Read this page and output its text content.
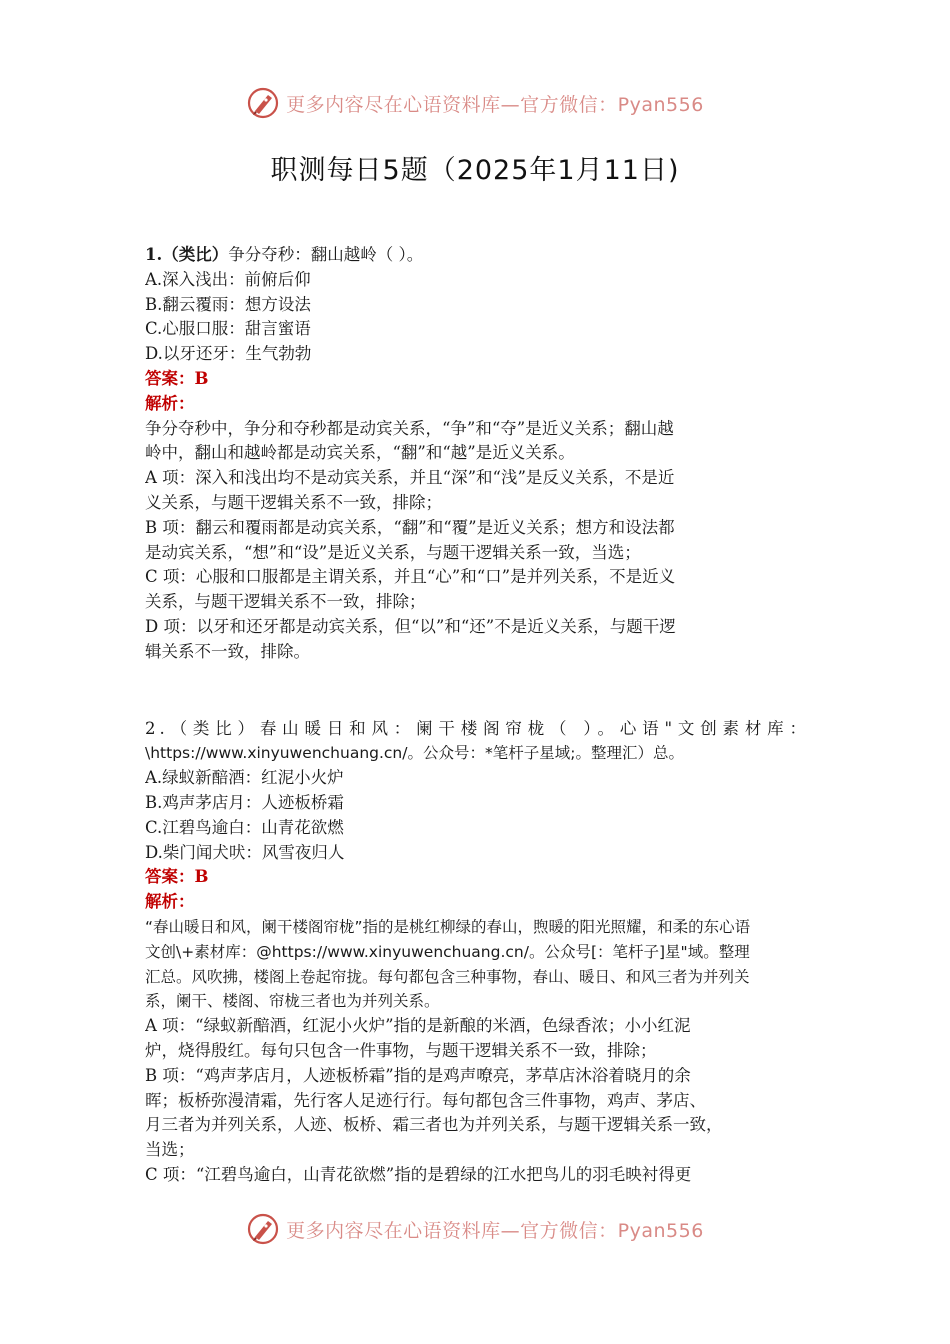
更多内容尽在心语资料库—官方微信：Pyan556
职测每日5题（2025年1月11日)
1.（类比）争分夺秒：翻山越岭（ ）。
A.深入浅出：前俯后仰
B.翻云覆雨：想方设法
C.心服口服：甜言蜜语
D.以牙还牙：生气勃勃
答案：B
解析：
争分夺秒中，争分和夺秒都是动宾关系，“争”和“夺”是近义关系；翻山越
岭中，翻山和越岭都是动宾关系，“翻”和“越”是近义关系。
A 项：深入和浅出均不是动宾关系，并且“深”和“浅”是反义关系，不是近
义关系，与题干逻辑关系不一致，排除；
B 项：翻云和覆雨都是动宾关系，“翻”和“覆”是近义关系；想方和设法都
是动宾关系，“想”和“设”是近义关系，与题干逻辑关系一致，当选；
C 项：心服和口服都是主谓关系，并且“心”和“口”是并列关系，不是近义
关系，与题干逻辑关系不一致，排除；
D 项：以牙和还牙都是动宾关系，但“以”和“还”不是近义关系，与题干逻
辑关系不一致，排除。
2.（类比）春山暖日和风：阑干楼阁帘栊（ ）。心语"文创素材库：
\https://www.xinyuwenchuang.cn/。公众号：*笔杆子星域;。整理汇）总。
A.绿蚁新醅酒：红泥小火炉
B.鸡声茅店月：人迹板桥霜
C.江碧鸟逾白：山青花欲燃
D.柴门闻犬吠：风雪夜归人
答案：B
解析：
“春山暖日和风，阑干楼阁帘栊”指的是桃红柳绿的春山，煦暖的阳光照耀，和柔的东心语
文创\+素材库：@https://www.xinyuwenchuang.cn/。公众号[：笔杆子]星"域。整理
汇总。风吹拂，楼阁上卷起帘拢。每句都包含三种事物，春山、暖日、和风三者为并列关
系，阑干、楼阁、帘栊三者也为并列关系。
A 项：“绿蚁新醅酒，红泥小火炉”指的是新酿的米酒，色绿香浓；小小红泥
炉，烧得殷红。每句只包含一件事物，与题干逻辑关系不一致，排除；
B 项：“鸡声茅店月，人迹板桥霜”指的是鸡声嘹亮，茅草店沐浴着晓月的余
晖；板桥弥漫清霜，先行客人足迹行行。每句都包含三件事物，鸡声、茅店、
月三者为并列关系，人迹、板桥、霜三者也为并列关系，与题干逻辑关系一致，
当选；
C 项：“江碧鸟逾白，山青花欲燃”指的是碧绿的江水把鸟儿的羽毛映衬得更
更多内容尽在心语资料库—官方微信：Pyan556
